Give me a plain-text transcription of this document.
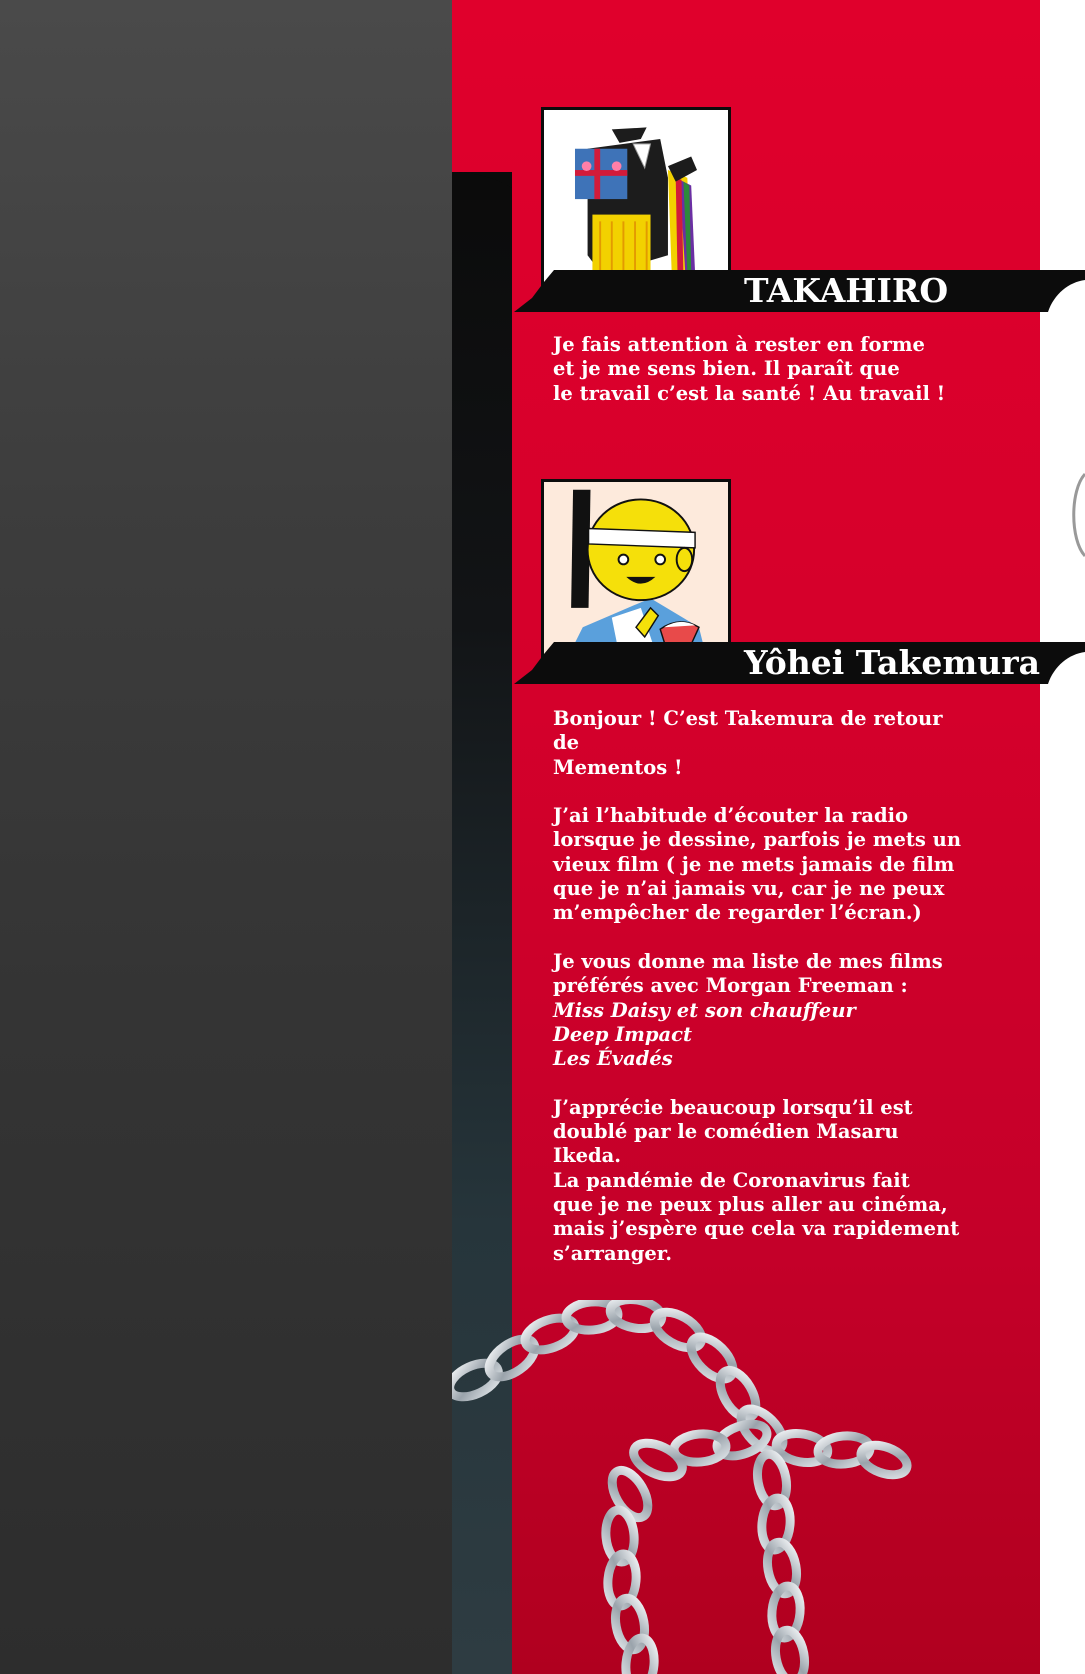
TAKAHIRO

Je fais attention à rester en forme

et je me sens bien. Il paraît que

le travail c’est la santé ! Au travail !

Yôhei Takemura

Bonjour ! C’est Takemura de retour de

Mementos !

J’ai l’habitude d’écouter la radio

lorsque je dessine, parfois je mets un

vieux film ( je ne mets jamais de film

que je n’ai jamais vu, car je ne peux

m’empêcher de regarder l’écran.)

Je vous donne ma liste de mes films

préférés avec Morgan Freeman :

Miss Daisy et son chauffeur

Deep Impact

Les Évadés

J’apprécie beaucoup lorsqu’il est

doublé par le comédien Masaru Ikeda.

La pandémie de Coronavirus fait

que je ne peux plus aller au cinéma,

mais j’espère que cela va rapidement

s’arranger.
